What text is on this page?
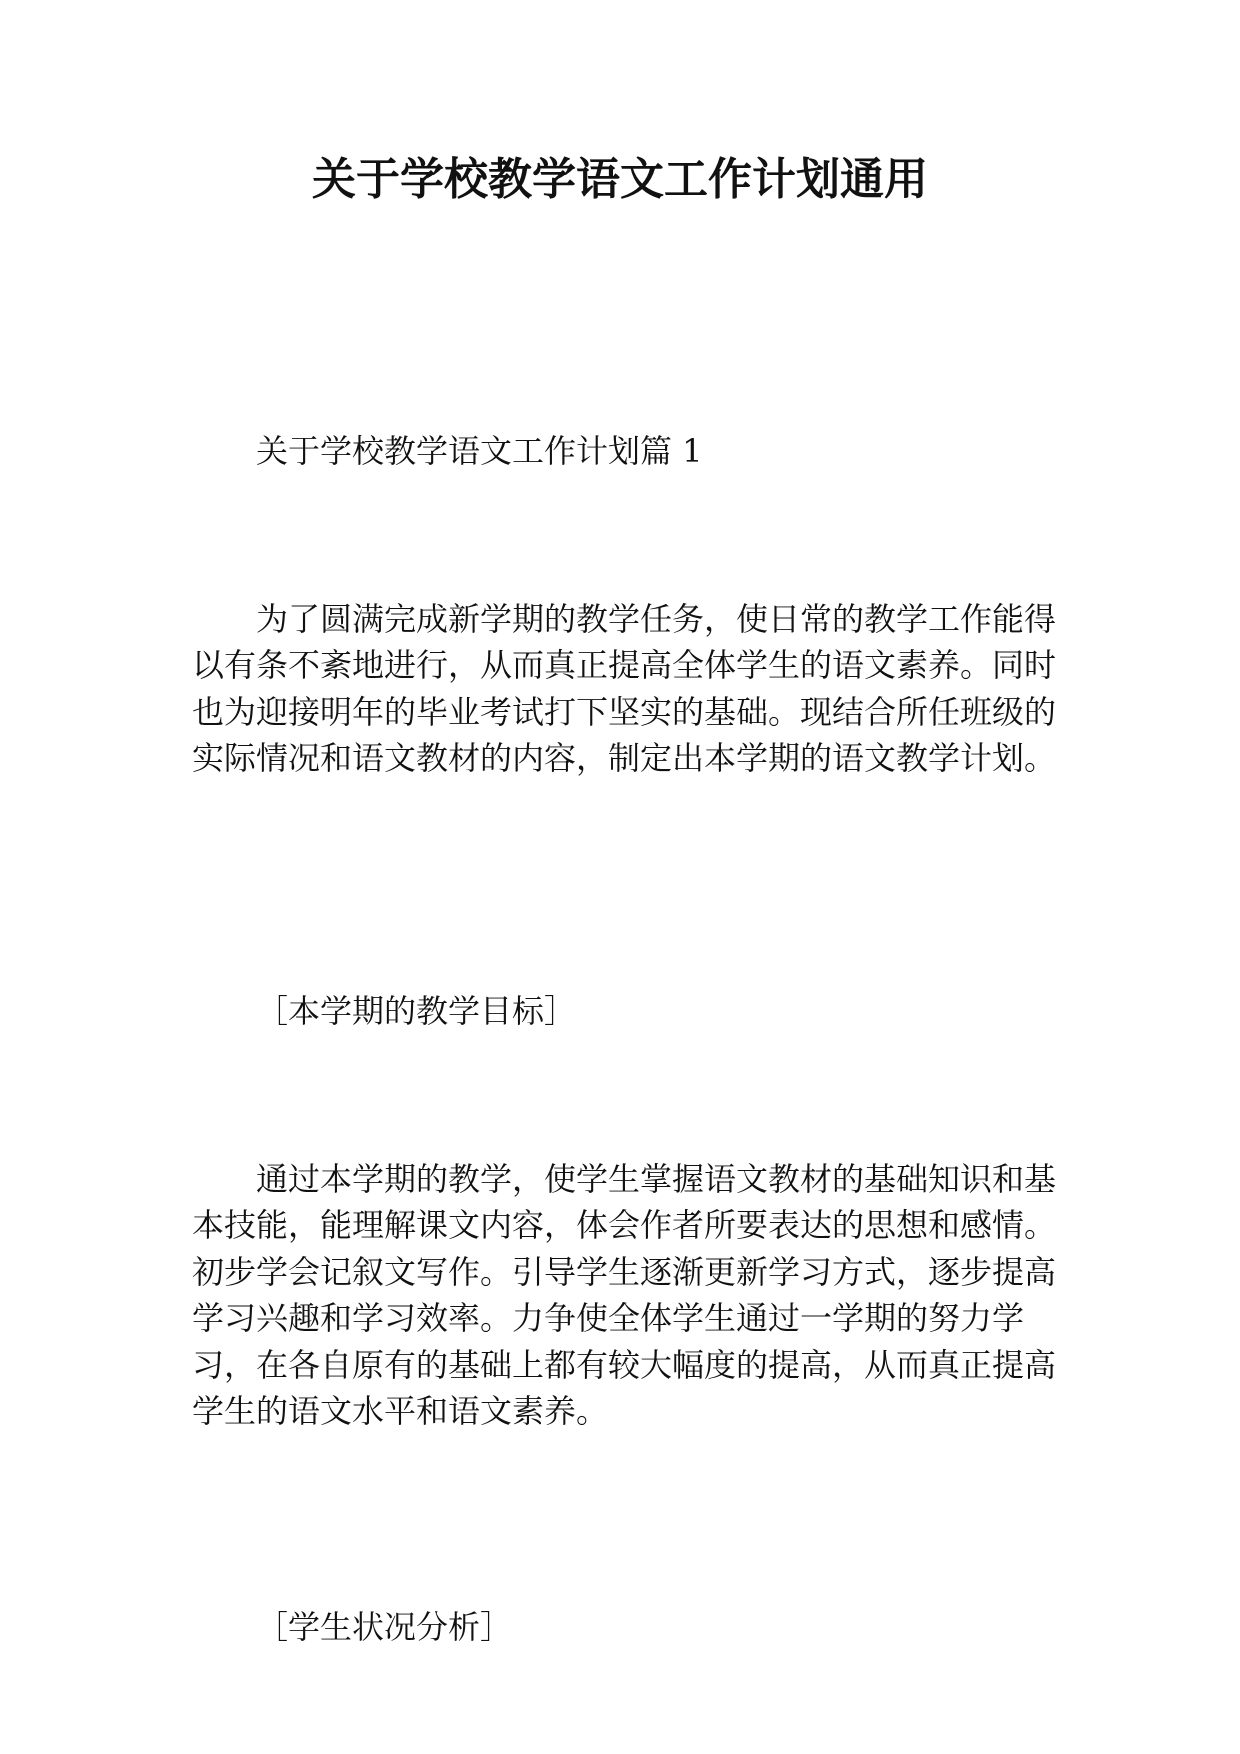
关于学校教学语文工作计划通用
关于学校教学语文工作计划篇 1
为了圆满完成新学期的教学任务，使日常的教学工作能得以有条不紊地进行，从而真正提高全体学生的语文素养。同时也为迎接明年的毕业考试打下坚实的基础。现结合所任班级的实际情况和语文教材的内容，制定出本学期的语文教学计划。
［本学期的教学目标］
通过本学期的教学，使学生掌握语文教材的基础知识和基本技能，能理解课文内容，体会作者所要表达的思想和感情。初步学会记叙文写作。引导学生逐渐更新学习方式，逐步提高学习兴趣和学习效率。力争使全体学生通过一学期的努力学习，在各自原有的基础上都有较大幅度的提高，从而真正提高学生的语文水平和语文素养。
［学生状况分析］
